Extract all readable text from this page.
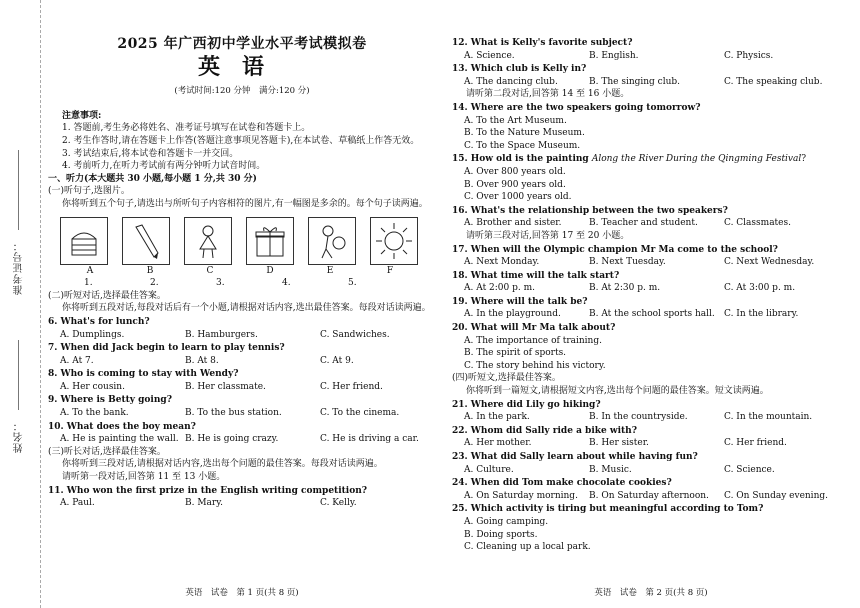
准考证号：
姓名：
2025 年广西初中学业水平考试模拟卷
英语
(考试时间:120 分钟　满分:120 分)
注意事项:
1. 答题前,考生务必将姓名、准考证号填写在试卷和答题卡上。
2. 考生作答时,请在答题卡上作答(答题注意事项见答题卡),在本试卷、草稿纸上作答无效。
3. 考试结束后,将本试卷和答题卡一并交回。
4. 考前听力,在听力考试前有两分钟听力试音时间。
一、听力(本大题共 30 小题,每小题 1 分,共 30 分)
(一)听句子,选图片。
你将听到五个句子,请选出与所听句子内容相符的图片,有一幅图是多余的。每个句子读两遍。
A	B	C	D	E	F
1.	2.	3.	4.	5.
(二)听短对话,选择最佳答案。
你将听到五段对话,每段对话后有一个小题,请根据对话内容,选出最佳答案。每段对话读两遍。
6. What's for lunch?
A. Dumplings.	B. Hamburgers.	C. Sandwiches.
7. When did Jack begin to learn to play tennis?
A. At 7.	B. At 8.	C. At 9.
8. Who is coming to stay with Wendy?
A. Her cousin.	B. Her classmate.	C. Her friend.
9. Where is Betty going?
A. To the bank.	B. To the bus station.	C. To the cinema.
10. What does the boy mean?
A. He is painting the wall. B. He is going crazy.	C. He is driving a car.
(三)听长对话,选择最佳答案。
你将听到三段对话,请根据对话内容,选出每个问题的最佳答案。每段对话读两遍。
请听第一段对话,回答第 11 至 13 小题。
11. Who won the first prize in the English writing competition?
A. Paul.	B. Mary.	C. Kelly.
英语　试卷　第 1 页(共 8 页)
12. What is Kelly's favorite subject?
A. Science.	B. English.	C. Physics.
13. Which club is Kelly in?
A. The dancing club.	B. The singing club.	C. The speaking club.
请听第二段对话,回答第 14 至 16 小题。
14. Where are the two speakers going tomorrow?
A. To the Art Museum.
B. To the Nature Museum.
C. To the Space Museum.
15. How old is the painting Along the River During the Qingming Festival?
A. Over 800 years old.
B. Over 900 years old.
C. Over 1000 years old.
16. What's the relationship between the two speakers?
A. Brother and sister.	B. Teacher and student.	C. Classmates.
请听第三段对话,回答第 17 至 20 小题。
17. When will the Olympic champion Mr Ma come to the school?
A. Next Monday.	B. Next Tuesday.	C. Next Wednesday.
18. What time will the talk start?
A. At 2:00 p. m.	B. At 2:30 p. m.	C. At 3:00 p. m.
19. Where will the talk be?
A. In the playground.	B. At the school sports hall.	C. In the library.
20. What will Mr Ma talk about?
A. The importance of training.
B. The spirit of sports.
C. The story behind his victory.
(四)听短文,选择最佳答案。
你将听到一篇短文,请根据短文内容,选出每个问题的最佳答案。短文读两遍。
21. Where did Lily go hiking?
A. In the park.	B. In the countryside.	C. In the mountain.
22. Whom did Sally ride a bike with?
A. Her mother.	B. Her sister.	C. Her friend.
23. What did Sally learn about while having fun?
A. Culture.	B. Music.	C. Science.
24. When did Tom make chocolate cookies?
A. On Saturday morning.	B. On Saturday afternoon.	C. On Sunday evening.
25. Which activity is tiring but meaningful according to Tom?
A. Going camping.
B. Doing sports.
C. Cleaning up a local park.
英语　试卷　第 2 页(共 8 页)
